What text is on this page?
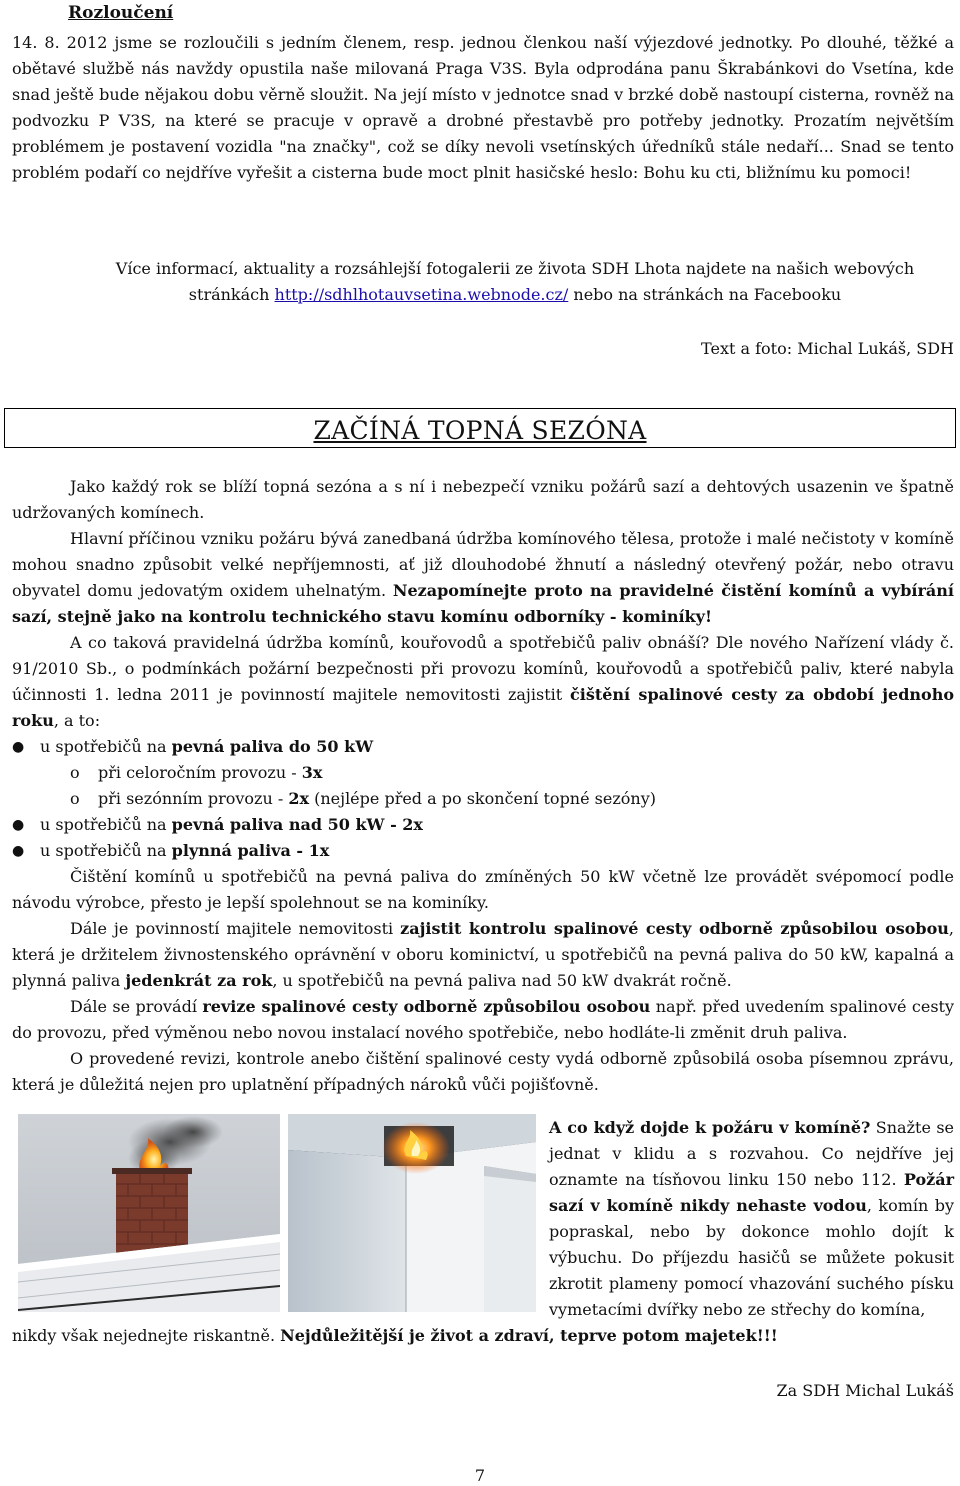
Rozloučení

14. 8. 2012 jsme se rozloučili s jedním členem, resp. jednou členkou naší výjezdové jednotky. Po dlouhé, těžké a obětavé službě nás navždy opustila naše milovaná Praga V3S. Byla odprodána panu Škrabánkovi do Vsetína, kde snad ještě bude nějakou dobu věrně sloužit. Na její místo v jednotce snad v brzké době nastoupí cisterna, rovněž na podvozku P V3S, na které se pracuje v opravě a drobné přestavbě pro potřeby jednotky. Prozatím největším problémem je postavení vozidla "na značky", což se díky nevoli vsetínských úředníků stále nedaří... Snad se tento problém podaří co nejdříve vyřešit a cisterna bude moct plnit hasičské heslo: Bohu ku cti, bližnímu ku pomoci!

Více informací, aktuality a rozsáhlejší fotogalerii ze života SDH Lhota najdete na našich webových stránkách http://sdhlhotauvsetina.webnode.cz/ nebo na stránkách na Facebooku

Text a foto: Michal Lukáš, SDH

ZAČÍNÁ TOPNÁ SEZÓNA

Jako každý rok se blíží topná sezóna a s ní i nebezpečí vzniku požárů sazí a dehtových usazenin ve špatně udržovaných komínech.

Hlavní příčinou vzniku požáru bývá zanedbaná údržba komínového tělesa, protože i malé nečistoty v komíně mohou snadno způsobit velké nepříjemnosti, ať již dlouhodobé žhnutí a následný otevřený požár, nebo otravu obyvatel domu jedovatým oxidem uhelnatým. Nezapomínejte proto na pravidelné čistění komínů a vybírání sazí, stejně jako na kontrolu technického stavu komínu odborníky - kominíky!

A co taková pravidelná údržba komínů, kouřovodů a spotřebičů paliv obnáší? Dle nového Nařízení vlády č. 91/2010 Sb., o podmínkách požární bezpečnosti při provozu komínů, kouřovodů a spotřebičů paliv, které nabyla účinnosti 1. ledna 2011 je povinností majitele nemovitosti zajistit čištění spalinové cesty za období jednoho roku, a to:

● u spotřebičů na pevná paliva do 50 kW

o při celoročním provozu - 3x

o při sezónním provozu - 2x (nejlépe před a po skončení topné sezóny)

● u spotřebičů na pevná paliva nad 50 kW - 2x

● u spotřebičů na plynná paliva - 1x

Čištění komínů u spotřebičů na pevná paliva do zmíněných 50 kW včetně lze provádět svépomocí podle návodu výrobce, přesto je lepší spolehnout se na kominíky.

Dále je povinností majitele nemovitosti zajistit kontrolu spalinové cesty odborně způsobilou osobou, která je držitelem živnostenského oprávnění v oboru kominictví, u spotřebičů na pevná paliva do 50 kW, kapalná a plynná paliva jedenkrát za rok, u spotřebičů na pevná paliva nad 50 kW dvakrát ročně.

Dále se provádí revize spalinové cesty odborně způsobilou osobou např. před uvedením spalinové cesty do provozu, před výměnou nebo novou instalací nového spotřebiče, nebo hodláte-li změnit druh paliva.

O provedené revizi, kontrole anebo čištění spalinové cesty vydá odborně způsobilá osoba písemnou zprávu, která je důležitá nejen pro uplatnění případných nároků vůči pojišťovně.

A co když dojde k požáru v komíně? Snažte se jednat v klidu a s rozvahou. Co nejdříve jej oznamte na tísňovou linku 150 nebo 112. Požár sazí v komíně nikdy nehaste vodou, komín by popraskal, nebo by dokonce mohlo dojít k výbuchu. Do příjezdu hasičů se můžete pokusit zkrotit plameny pomocí vhazování suchého písku vymetacími dvířky nebo ze střechy do komína,

nikdy však nejednejte riskantně. Nejdůležitější je život a zdraví, teprve potom majetek!!!

Za SDH Michal Lukáš

7
